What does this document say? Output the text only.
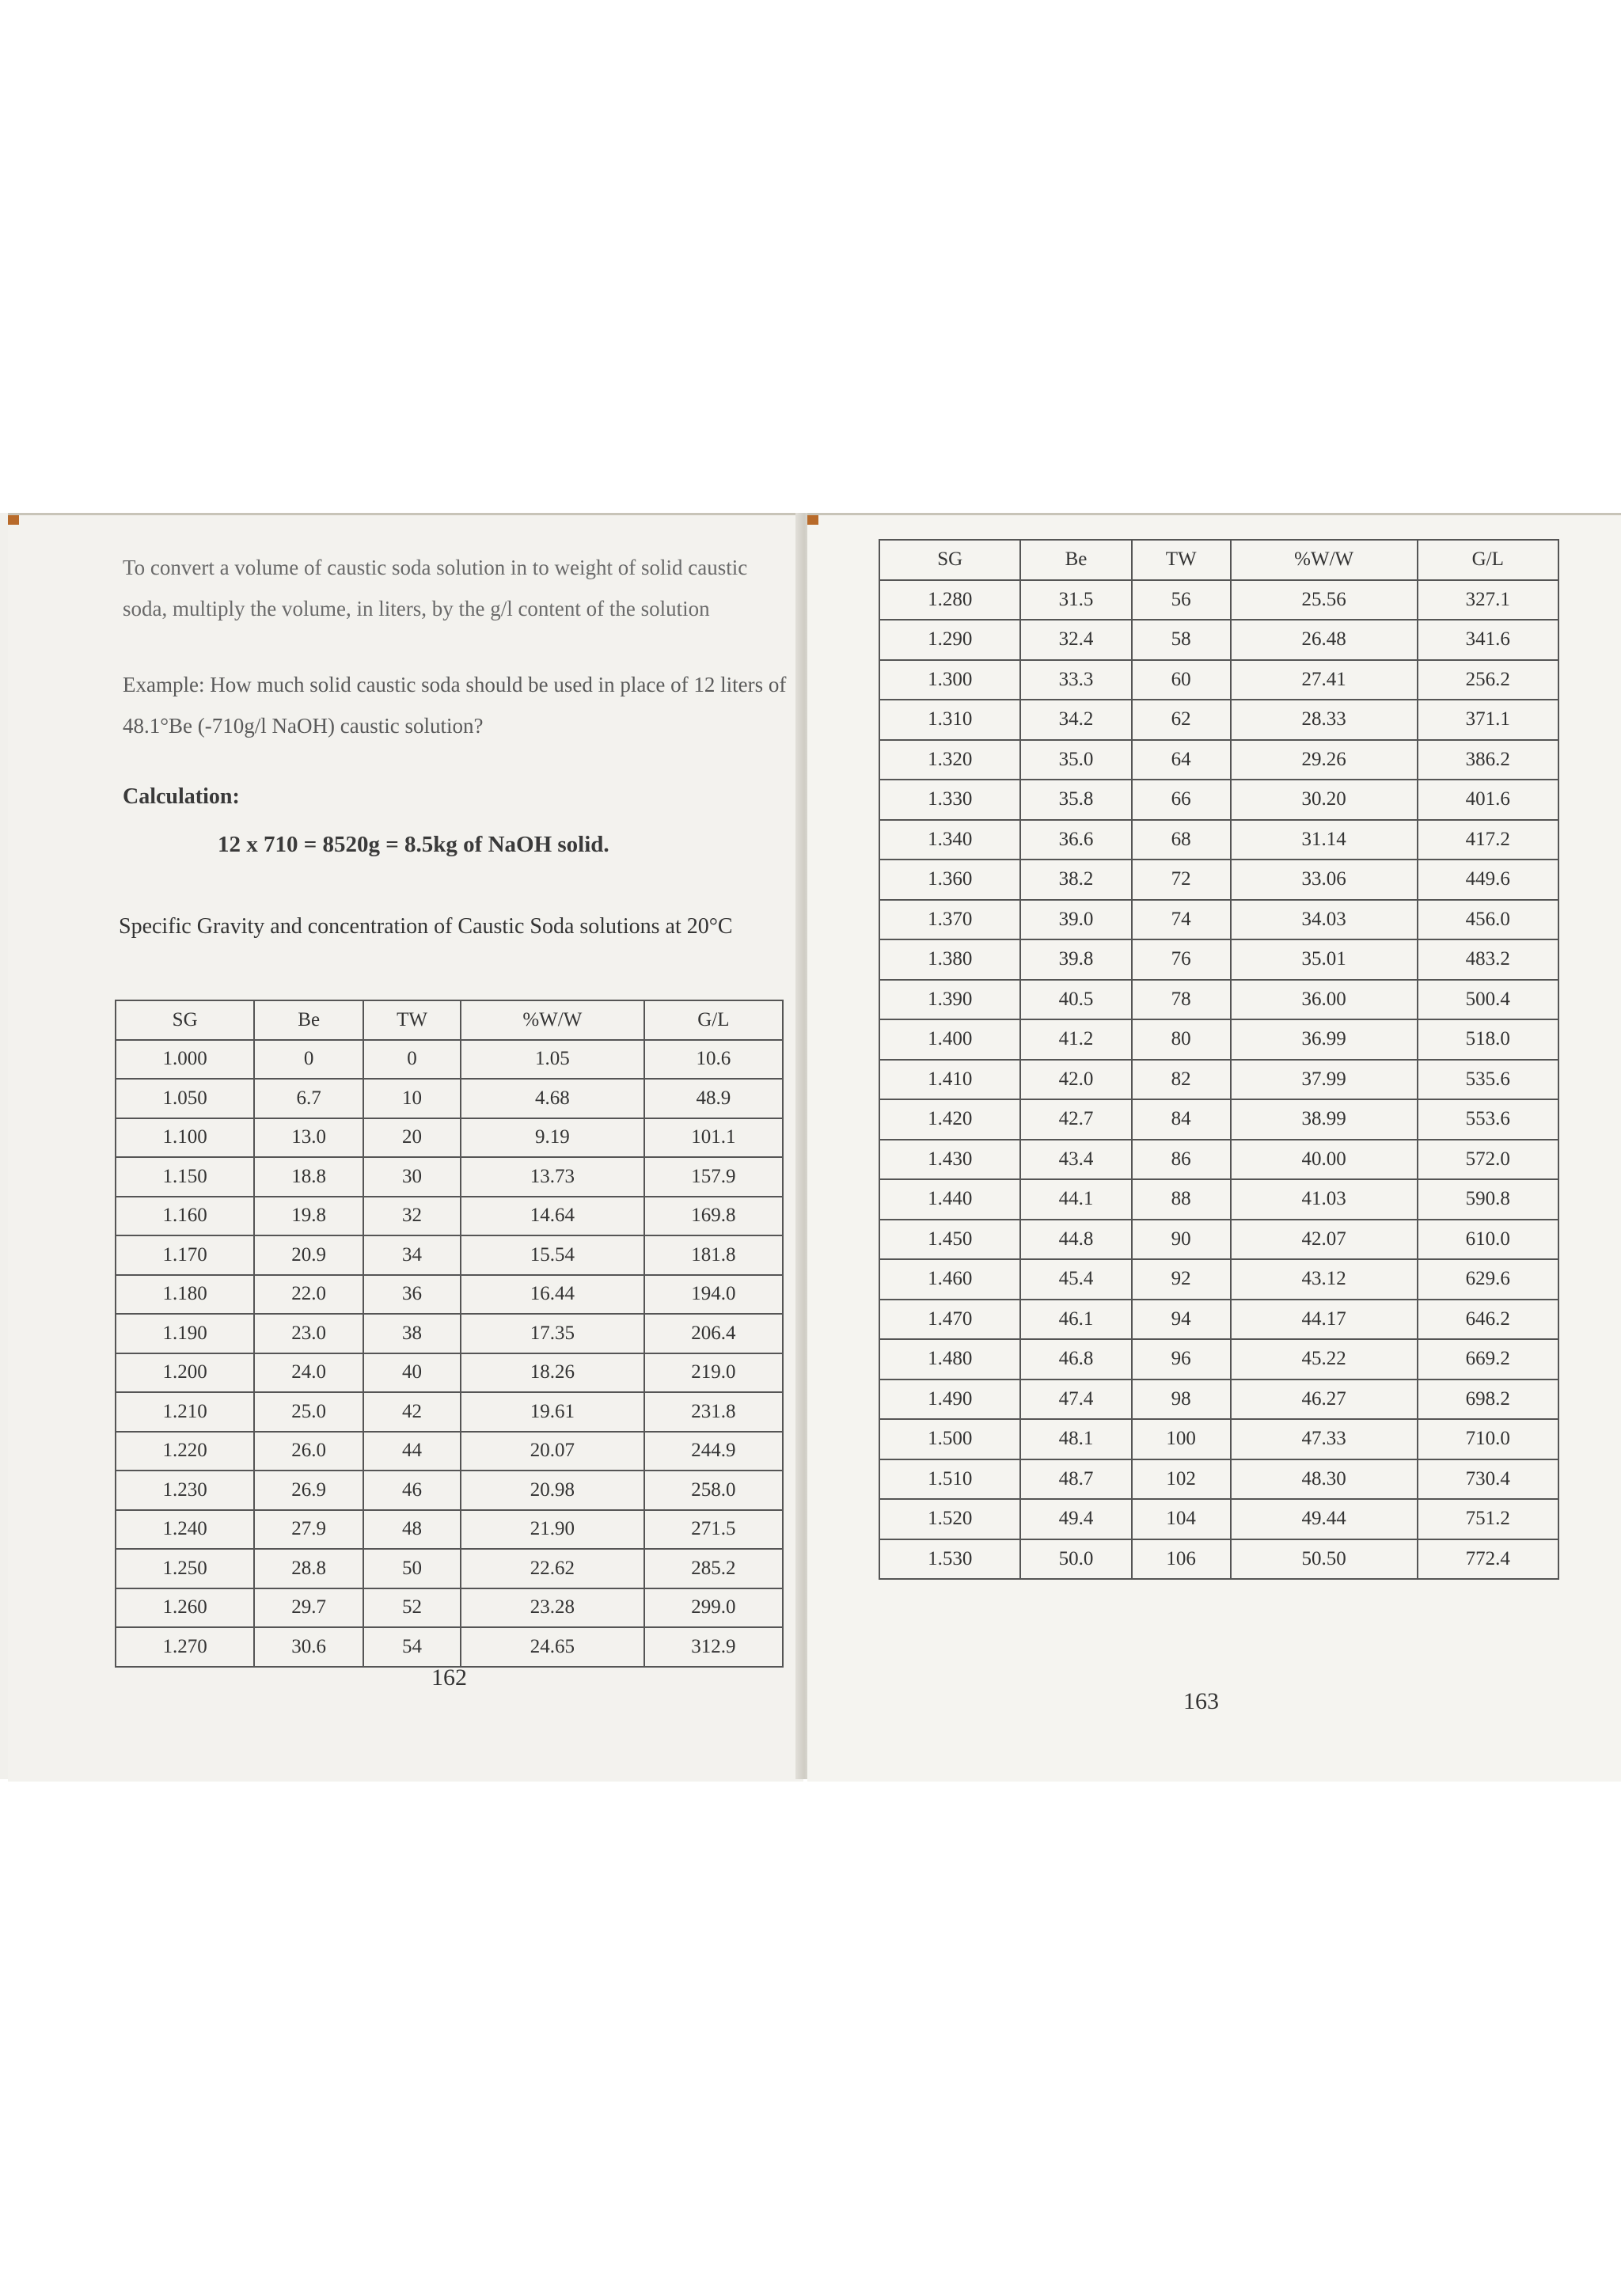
To convert a volume of caustic soda solution in to weight of solid caustic soda, multiply the volume, in liters, by the g/l content of the solution
Example: How much solid caustic soda should be used in place of 12 liters of 48.1°Be (-710g/l NaOH) caustic solution?
Calculation:
12 x 710 = 8520g = 8.5kg of NaOH solid.
Specific Gravity and concentration of Caustic Soda solutions at 20°C
SG	Be	TW	%W/W	G/L
1.000	0	0	1.05	10.6
1.050	6.7	10	4.68	48.9
1.100	13.0	20	9.19	101.1
1.150	18.8	30	13.73	157.9
1.160	19.8	32	14.64	169.8
1.170	20.9	34	15.54	181.8
1.180	22.0	36	16.44	194.0
1.190	23.0	38	17.35	206.4
1.200	24.0	40	18.26	219.0
1.210	25.0	42	19.61	231.8
1.220	26.0	44	20.07	244.9
1.230	26.9	46	20.98	258.0
1.240	27.9	48	21.90	271.5
1.250	28.8	50	22.62	285.2
1.260	29.7	52	23.28	299.0
1.270	30.6	54	24.65	312.9
162
SG	Be	TW	%W/W	G/L
1.280	31.5	56	25.56	327.1
1.290	32.4	58	26.48	341.6
1.300	33.3	60	27.41	256.2
1.310	34.2	62	28.33	371.1
1.320	35.0	64	29.26	386.2
1.330	35.8	66	30.20	401.6
1.340	36.6	68	31.14	417.2
1.360	38.2	72	33.06	449.6
1.370	39.0	74	34.03	456.0
1.380	39.8	76	35.01	483.2
1.390	40.5	78	36.00	500.4
1.400	41.2	80	36.99	518.0
1.410	42.0	82	37.99	535.6
1.420	42.7	84	38.99	553.6
1.430	43.4	86	40.00	572.0
1.440	44.1	88	41.03	590.8
1.450	44.8	90	42.07	610.0
1.460	45.4	92	43.12	629.6
1.470	46.1	94	44.17	646.2
1.480	46.8	96	45.22	669.2
1.490	47.4	98	46.27	698.2
1.500	48.1	100	47.33	710.0
1.510	48.7	102	48.30	730.4
1.520	49.4	104	49.44	751.2
1.530	50.0	106	50.50	772.4
163
